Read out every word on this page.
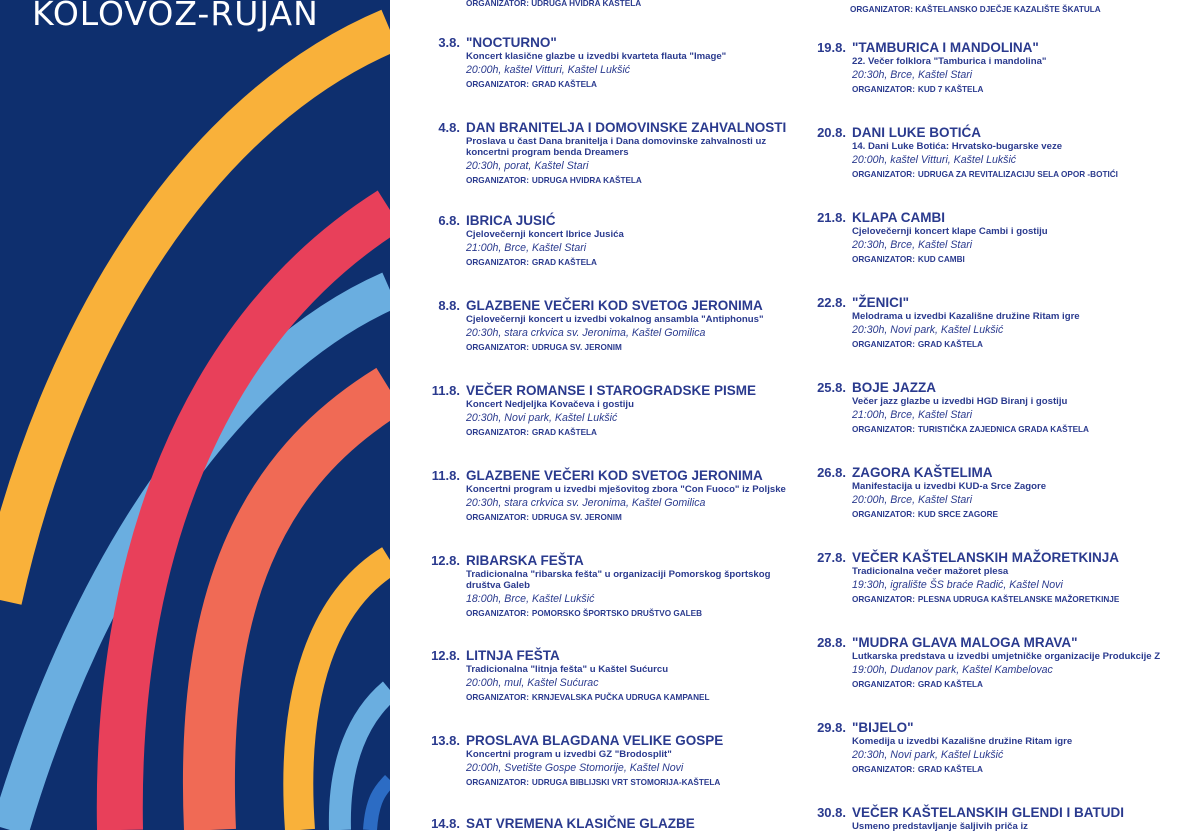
KOLOVOZ-RUJAN	ORGANIZATOR: UDRUGA HVIDRA KAŠTELA
3.8. "NOCTURNO"
Koncert klasične glazbe u izvedbi kvarteta flauta "Image"
20:00h, kaštel Vitturi, Kaštel Lukšić
ORGANIZATOR: GRAD KAŠTELA
4.8. DAN BRANITELJA I DOMOVINSKE ZAHVALNOSTI
Proslava u čast Dana branitelja i Dana domovinske zahvalnosti uz koncertni program benda Dreamers
20:30h, porat, Kaštel Stari
ORGANIZATOR: UDRUGA HVIDRA KAŠTELA
6.8. IBRICA JUSIĆ
Cjelovečernji koncert Ibrice Jusića
21:00h, Brce, Kaštel Stari
ORGANIZATOR: GRAD KAŠTELA
8.8. GLAZBENE VEČERI KOD SVETOG JERONIMA
Cjelovečernji koncert u izvedbi vokalnog ansambla "Antiphonus"
20:30h, stara crkvica sv. Jeronima, Kaštel Gomilica
ORGANIZATOR: UDRUGA SV. JERONIM
11.8. VEČER ROMANSE I STAROGRADSKE PISME
Koncert Nedjeljka Kovačeva i gostiju
20:30h, Novi park, Kaštel Lukšić
ORGANIZATOR: GRAD KAŠTELA
11.8. GLAZBENE VEČERI KOD SVETOG JERONIMA
Koncertni program u izvedbi mješovitog zbora "Con Fuoco" iz Poljske
20:30h, stara crkvica sv. Jeronima, Kaštel Gomilica
ORGANIZATOR: UDRUGA SV. JERONIM
12.8. RIBARSKA FEŠTA
Tradicionalna "ribarska fešta" u organizaciji Pomorskog športskog društva Galeb
18:00h, Brce, Kaštel Lukšić
ORGANIZATOR: POMORSKO ŠPORTSKO DRUŠTVO GALEB
12.8. LITNJA FEŠTA
Tradicionalna "litnja fešta" u Kaštel Sućurcu
20:00h, mul, Kaštel Sućurac
ORGANIZATOR: KRNJEVALSKA PUČKA UDRUGA KAMPANEL
13.8. PROSLAVA BLAGDANA VELIKE GOSPE
Koncertni program u izvedbi GZ "Brodosplit"
20:00h, Svetište Gospe Stomorije, Kaštel Novi
ORGANIZATOR: UDRUGA BIBLIJSKI VRT STOMORIJA-KAŠTELA
14.8. SAT VREMENA KLASIČNE GLAZBE
ORGANIZATOR: KAŠTELANSKO DJEČJE KAZALIŠTE ŠKATULA
19.8. "TAMBURICA I MANDOLINA"
22. Večer folklora "Tamburica i mandolina"
20:30h, Brce, Kaštel Stari
ORGANIZATOR: KUD 7 KAŠTELA
20.8. DANI LUKE BOTIĆA
14. Dani Luke Botića: Hrvatsko-bugarske veze
20:00h, kaštel Vitturi, Kaštel Lukšić
ORGANIZATOR: UDRUGA ZA REVITALIZACIJU SELA OPOR -BOTIĆI
21.8. KLAPA CAMBI
Cjelovečernji koncert klape Cambi i gostiju
20:30h, Brce, Kaštel Stari
ORGANIZATOR: KUD CAMBI
22.8. "ŽENICI"
Melodrama u izvedbi Kazališne družine Ritam igre
20:30h, Novi park, Kaštel Lukšić
ORGANIZATOR: GRAD KAŠTELA
25.8. BOJE JAZZA
Večer jazz glazbe u izvedbi HGD Biranj i gostiju
21:00h, Brce, Kaštel Stari
ORGANIZATOR: TURISTIČKA ZAJEDNICA GRADA KAŠTELA
26.8. ZAGORA KAŠTELIMA
Manifestacija u izvedbi KUD-a Srce Zagore
20:00h, Brce, Kaštel Stari
ORGANIZATOR: KUD SRCE ZAGORE
27.8. VEČER KAŠTELANSKIH MAŽORETKINJA
Tradicionalna večer mažoret plesa
19:30h, igralište ŠS braće Radić, Kaštel Novi
ORGANIZATOR: PLESNA UDRUGA KAŠTELANSKE MAŽORETKINJE
28.8. "MUDRA GLAVA MALOGA MRAVA"
Lutkarska predstava u izvedbi umjetničke organizacije Produkcije Z
19:00h, Dudanov park, Kaštel Kambelovac
ORGANIZATOR: GRAD KAŠTELA
29.8. "BIJELO"
Komedija u izvedbi Kazališne družine Ritam igre
20:30h, Novi park, Kaštel Lukšić
ORGANIZATOR: GRAD KAŠTELA
30.8. VEČER KAŠTELANSKIH GLENDI I BATUDI
Usmeno predstavljanje šaljivih priča iz
